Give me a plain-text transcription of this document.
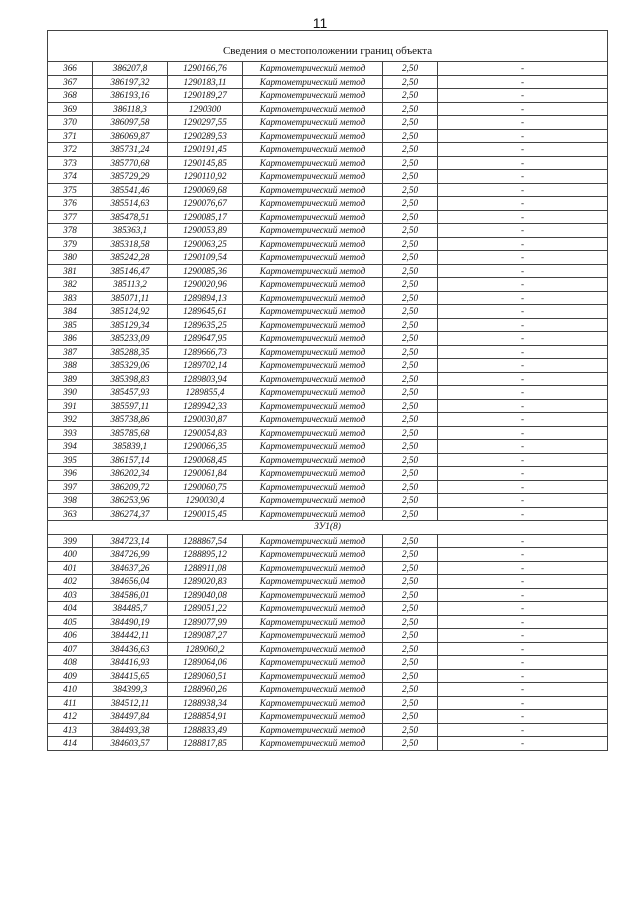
11

Сведения о местоположении границ объекта					
366	386207,8	1290166,76	Картометрический метод	2,50	-
367	386197,32	1290183,11	Картометрический метод	2,50	-
368	386193,16	1290189,27	Картометрический метод	2,50	-
369	386118,3	1290300	Картометрический метод	2,50	-
370	386097,58	1290297,55	Картометрический метод	2,50	-
371	386069,87	1290289,53	Картометрический метод	2,50	-
372	385731,24	1290191,45	Картометрический метод	2,50	-
373	385770,68	1290145,85	Картометрический метод	2,50	-
374	385729,29	1290110,92	Картометрический метод	2,50	-
375	385541,46	1290069,68	Картометрический метод	2,50	-
376	385514,63	1290076,67	Картометрический метод	2,50	-
377	385478,51	1290085,17	Картометрический метод	2,50	-
378	385363,1	1290053,89	Картометрический метод	2,50	-
379	385318,58	1290063,25	Картометрический метод	2,50	-
380	385242,28	1290109,54	Картометрический метод	2,50	-
381	385146,47	1290085,36	Картометрический метод	2,50	-
382	385113,2	1290020,96	Картометрический метод	2,50	-
383	385071,11	1289894,13	Картометрический метод	2,50	-
384	385124,92	1289645,61	Картометрический метод	2,50	-
385	385129,34	1289635,25	Картометрический метод	2,50	-
386	385233,09	1289647,95	Картометрический метод	2,50	-
387	385288,35	1289666,73	Картометрический метод	2,50	-
388	385329,06	1289702,14	Картометрический метод	2,50	-
389	385398,83	1289803,94	Картометрический метод	2,50	-
390	385457,93	1289855,4	Картометрический метод	2,50	-
391	385597,11	1289942,33	Картометрический метод	2,50	-
392	385738,86	1290030,87	Картометрический метод	2,50	-
393	385785,68	1290054,83	Картометрический метод	2,50	-
394	385839,1	1290066,35	Картометрический метод	2,50	-
395	386157,14	1290068,45	Картометрический метод	2,50	-
396	386202,34	1290061,84	Картометрический метод	2,50	-
397	386209,72	1290060,75	Картометрический метод	2,50	-
398	386253,96	1290030,4	Картометрический метод	2,50	-
363	386274,37	1290015,45	Картометрический метод	2,50	-
ЗУ1(8)					
399	384723,14	1288867,54	Картометрический метод	2,50	-
400	384726,99	1288895,12	Картометрический метод	2,50	-
401	384637,26	1288911,08	Картометрический метод	2,50	-
402	384656,04	1289020,83	Картометрический метод	2,50	-
403	384586,01	1289040,08	Картометрический метод	2,50	-
404	384485,7	1289051,22	Картометрический метод	2,50	-
405	384490,19	1289077,99	Картометрический метод	2,50	-
406	384442,11	1289087,27	Картометрический метод	2,50	-
407	384436,63	1289060,2	Картометрический метод	2,50	-
408	384416,93	1289064,06	Картометрический метод	2,50	-
409	384415,65	1289060,51	Картометрический метод	2,50	-
410	384399,3	1288960,26	Картометрический метод	2,50	-
411	384512,11	1288938,34	Картометрический метод	2,50	-
412	384497,84	1288854,91	Картометрический метод	2,50	-
413	384493,38	1288833,49	Картометрический метод	2,50	-
414	384603,57	1288817,85	Картометрический метод	2,50	-
